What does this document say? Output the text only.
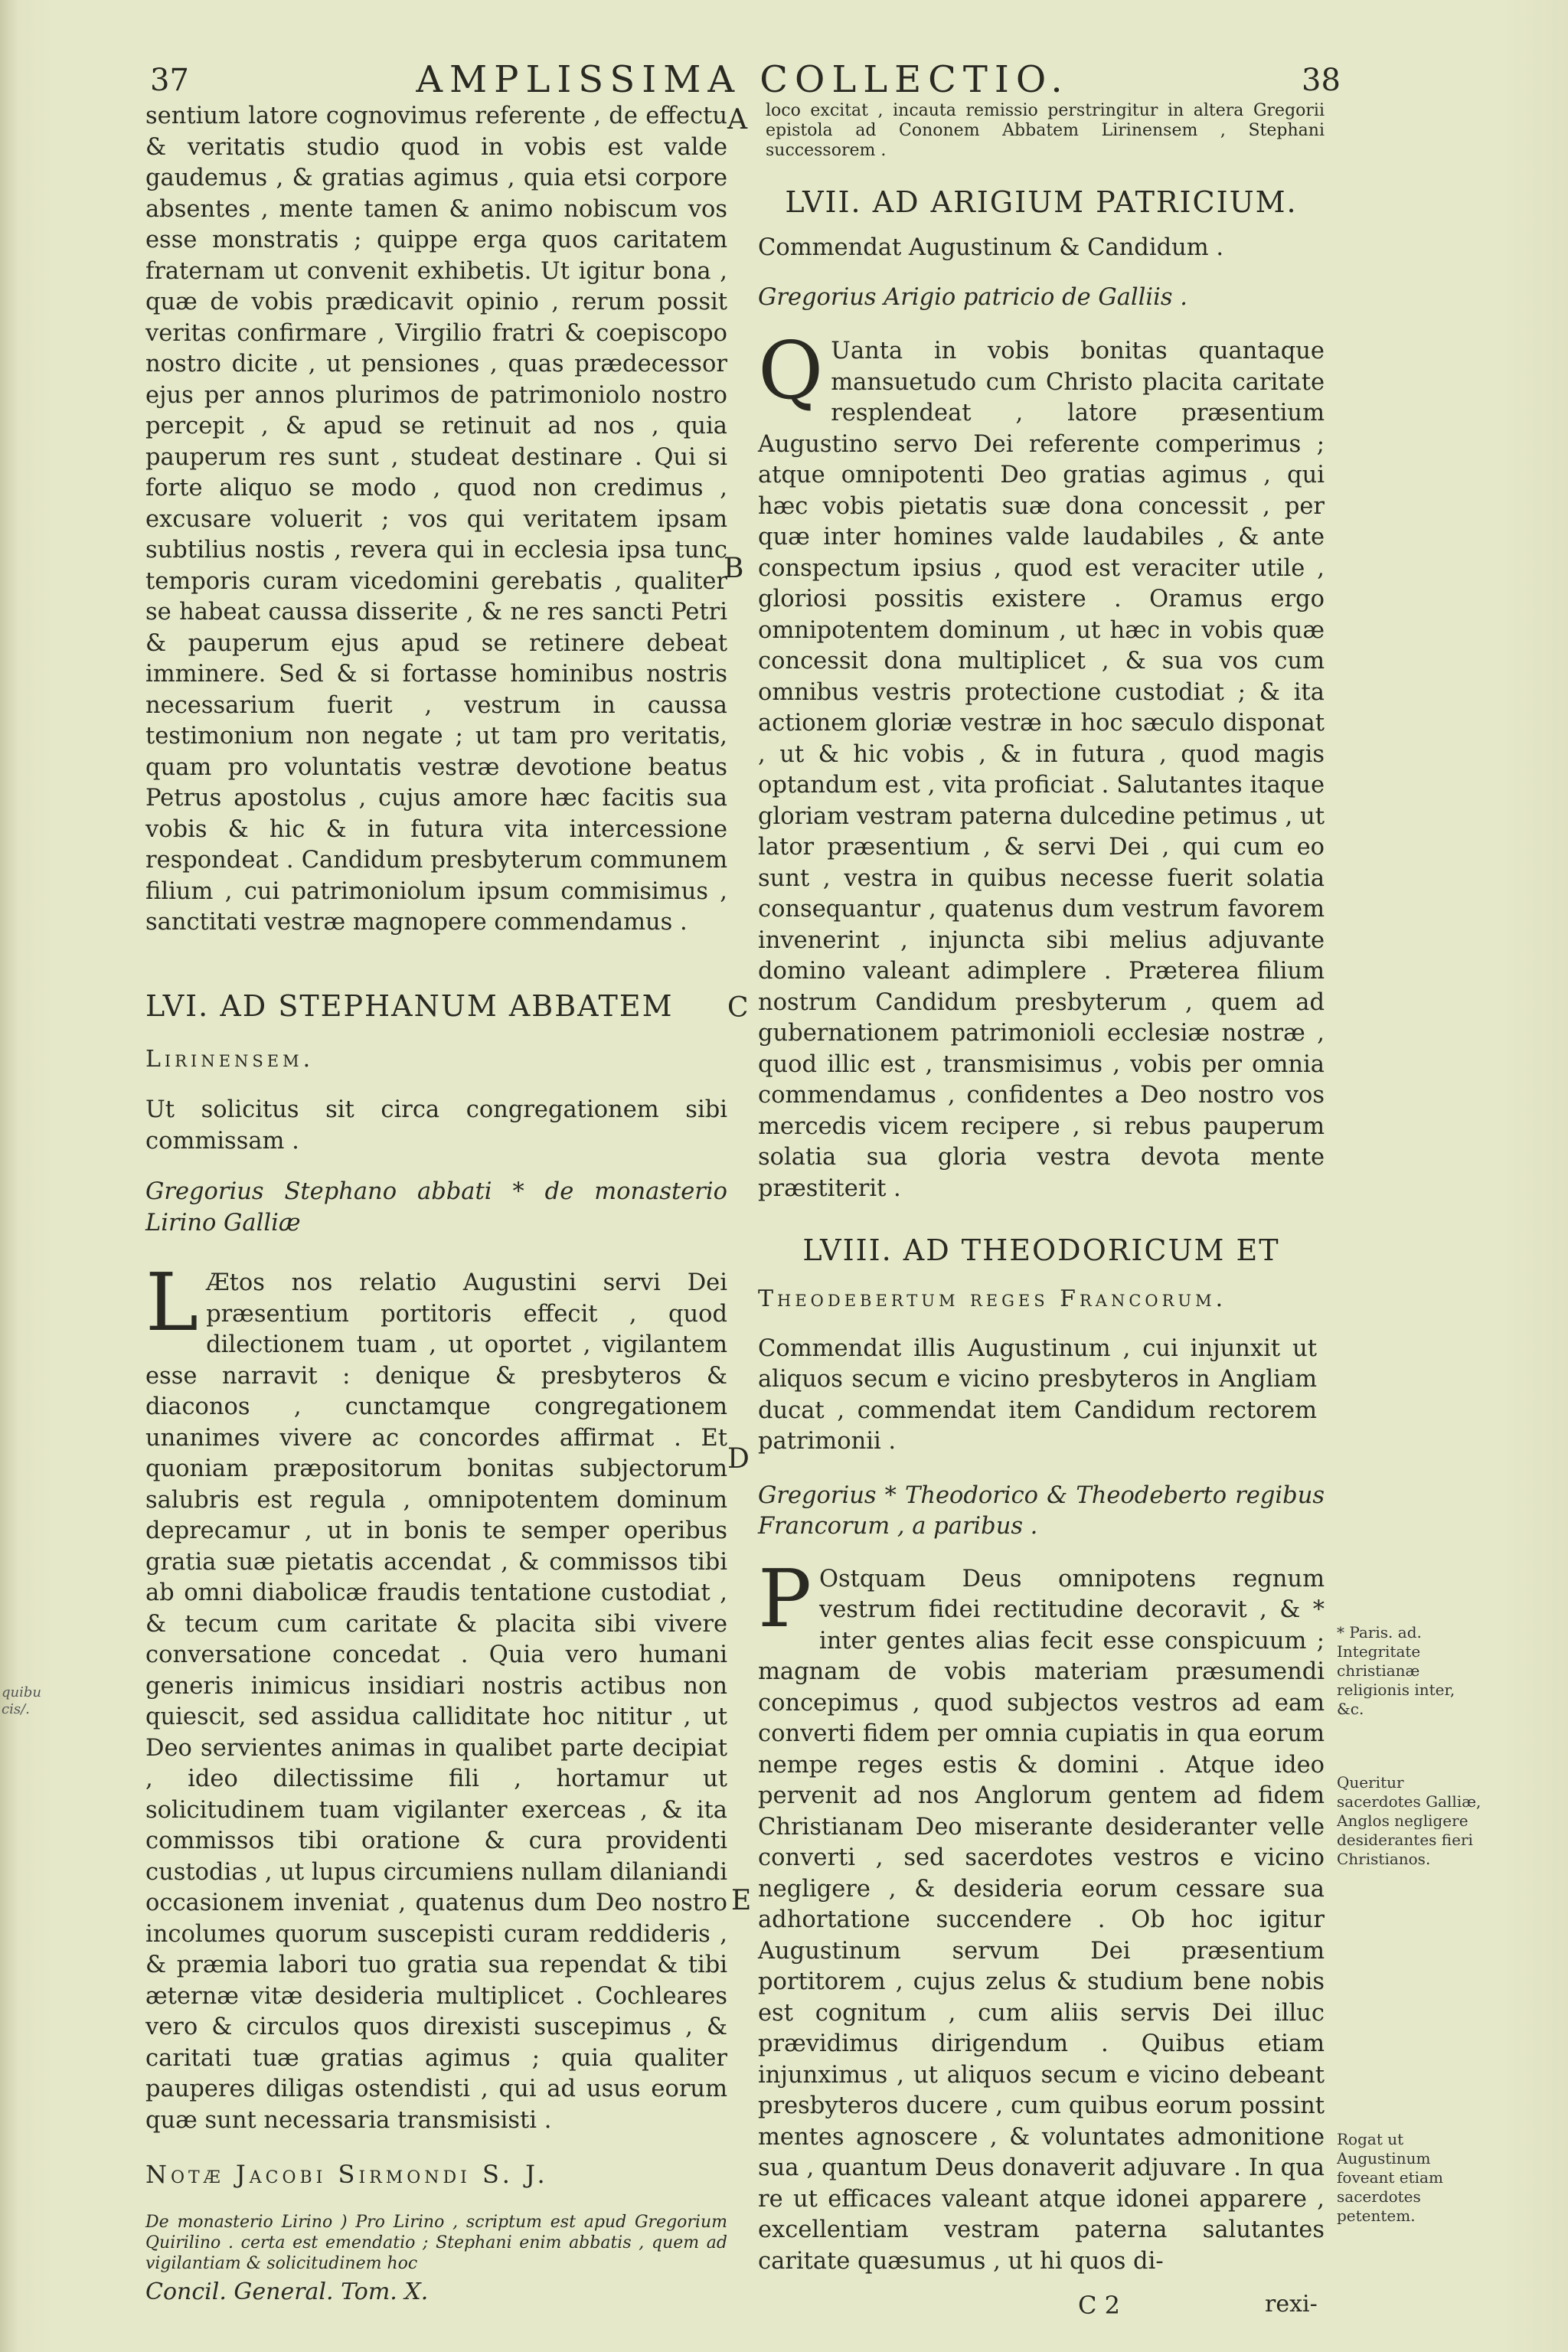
quibu
cis/.
37	AMPLISSIMA COLLECTIO.	38

sentium latore cognovimus referente , de effectu & veritatis studio quod in vobis est valde gaudemus , & gratias agimus , quia etsi corpore absentes , mente tamen & animo nobiscum vos esse monstratis ; quippe erga quos caritatem fraternam ut convenit exhibetis. Ut igitur bona , quæ de vobis prædicavit opinio , rerum possit veritas confirmare , Virgilio fratri & coepiscopo nostro dicite , ut pensiones , quas prædecessor ejus per annos plurimos de patrimoniolo nostro percepit , & apud se retinuit ad nos , quia pauperum res sunt , studeat destinare . Qui si forte aliquo se modo , quod non credimus , excusare voluerit ; vos qui veritatem ipsam subtilius nostis , revera qui in ecclesia ipsa tunc temporis curam vicedomini gerebatis , qualiter se habeat caussa disserite , & ne res sancti Petri & pauperum ejus apud se retinere debeat imminere. Sed & si fortasse hominibus nostris necessarium fuerit , vestrum in caussa testimonium non negate ; ut tam pro veritatis, quam pro voluntatis vestræ devotione beatus Petrus apostolus , cujus amore hæc facitis sua vobis & hic & in futura vita intercessione respondeat . Candidum presbyterum communem filium , cui patrimoniolum ipsum commisimus , sanctitati vestræ magnopere commendamus .

LVI. AD STEPHANUM ABBATEM

Lirinensem.

Ut solicitus sit circa congregationem sibi commissam .

Gregorius Stephano abbati * de monasterio Lirino Galliæ

L Ætos nos relatio Augustini servi Dei præsentium portitoris effecit , quod dilectionem tuam , ut oportet , vigilantem esse narravit : denique & presbyteros & diaconos , cunctamque congregationem unanimes vivere ac concordes affirmat . Et quoniam præpositorum bonitas subjectorum salubris est regula , omnipotentem dominum deprecamur , ut in bonis te semper operibus gratia suæ pietatis accendat , & commissos tibi ab omni diabolicæ fraudis tentatione custodiat , & tecum cum caritate & placita sibi vivere conversatione concedat . Quia vero humani generis inimicus insidiari nostris actibus non quiescit, sed assidua calliditate hoc nititur , ut Deo servientes animas in qualibet parte decipiat , ideo dilectissime fili , hortamur ut solicitudinem tuam vigilanter exerceas , & ita commissos tibi oratione & cura providenti custodias , ut lupus circumiens nullam dilaniandi occasionem inveniat , quatenus dum Deo nostro incolumes quorum suscepisti curam reddideris , & præmia labori tuo gratia sua rependat & tibi æternæ vitæ desideria multiplicet . Cochleares vero & circulos quos direxisti suscepimus , & caritati tuæ gratias agimus ; quia qualiter pauperes diligas ostendisti , qui ad usus eorum quæ sunt necessaria transmisisti .

Notæ Jacobi Sirmondi S. J.

De monasterio Lirino ) Pro Lirino , scriptum est apud Gregorium Quirilino . certa est emendatio ; Stephani enim abbatis , quem ad vigilantiam & solicitudinem hoc

Concil. General. Tom. X.

loco excitat , incauta remissio perstringitur in altera Gregorii epistola ad Cononem Abbatem Lirinensem , Stephani successorem .

LVII. AD ARIGIUM PATRICIUM.

Commendat Augustinum & Candidum .

Gregorius Arigio patricio de Galliis .

Q Uanta in vobis bonitas quantaque mansuetudo cum Christo placita caritate resplendeat , latore præsentium Augustino servo Dei referente comperimus ; atque omnipotenti Deo gratias agimus , qui hæc vobis pietatis suæ dona concessit , per quæ inter homines valde laudabiles , & ante conspectum ipsius , quod est veraciter utile , gloriosi possitis existere . Oramus ergo omnipotentem dominum , ut hæc in vobis quæ concessit dona multiplicet , & sua vos cum omnibus vestris protectione custodiat ; & ita actionem gloriæ vestræ in hoc sæculo disponat , ut & hic vobis , & in futura , quod magis optandum est , vita proficiat . Salutantes itaque gloriam vestram paterna dulcedine petimus , ut lator præsentium , & servi Dei , qui cum eo sunt , vestra in quibus necesse fuerit solatia consequantur , quatenus dum vestrum favorem invenerint , injuncta sibi melius adjuvante domino valeant adimplere . Præterea filium nostrum Candidum presbyterum , quem ad gubernationem patrimonioli ecclesiæ nostræ , quod illic est , transmisimus , vobis per omnia commendamus , confidentes a Deo nostro vos mercedis vicem recipere , si rebus pauperum solatia sua gloria vestra devota mente præstiterit .

LVIII. AD THEODORICUM ET

Theodebertum reges Francorum.

Commendat illis Augustinum , cui injunxit ut aliquos secum e vicino presbyteros in Angliam ducat , commendat item Candidum rectorem patrimonii .

Gregorius * Theodorico & Theodeberto regibus Francorum , a paribus .

P Ostquam Deus omnipotens regnum vestrum fidei rectitudine decoravit , & * inter gentes alias fecit esse conspicuum ; magnam de vobis materiam præsumendi concepimus , quod subjectos vestros ad eam converti fidem per omnia cupiatis in qua eorum nempe reges estis & domini . Atque ideo pervenit ad nos Anglorum gentem ad fidem Christianam Deo miserante desideranter velle converti , sed sacerdotes vestros e vicino negligere , & desideria eorum cessare sua adhortatione succendere . Ob hoc igitur Augustinum servum Dei præsentium portitorem , cujus zelus & studium bene nobis est cognitum , cum aliis servis Dei illuc prævidimus dirigendum . Quibus etiam injunximus , ut aliquos secum e vicino debeant presbyteros ducere , cum quibus eorum possint mentes agnoscere , & voluntates admonitione sua , quantum Deus donaverit adjuvare . In qua re ut efficaces valeant atque idonei apparere , excellentiam vestram paterna salutantes caritate quæsumus , ut hi quos di-

A
B
C
D
E
* Paris. ad. Integritate christianæ religionis inter, &c.
Queritur sacerdotes Galliæ, Anglos negligere desiderantes fieri Christianos.
Rogat ut Augustinum foveant etiam sacerdotes petentem.
C 2	rexi-
